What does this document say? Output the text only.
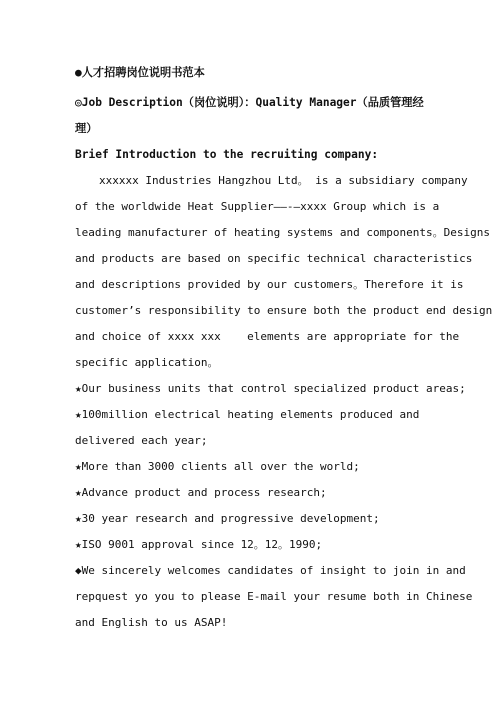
●人才招聘岗位说明书范本
◎Job Description（岗位说明）：Quality Manager（品质管理经
理）
Brief Introduction to the recruiting company:
xxxxxx Industries Hangzhou Ltd。 is a subsidiary company
of the worldwide Heat Supplier——-—xxxx Group which is a
leading manufacturer of heating systems and components。Designs
and products are based on specific technical characteristics
and descriptions provided by our customers。Therefore it is
customer’s responsibility to ensure both the product end design
and choice of xxxx xxx    elements are appropriate for the
specific application。
★Our business units that control specialized product areas;
★100million electrical heating elements produced and
delivered each year;
★More than 3000 clients all over the world;
★Advance product and process research;
★30 year research and progressive development;
★ISO 9001 approval since 12。12。1990;
◆We sincerely welcomes candidates of insight to join in and
repquest yo you to please E-mail your resume both in Chinese
and English to us ASAP!
